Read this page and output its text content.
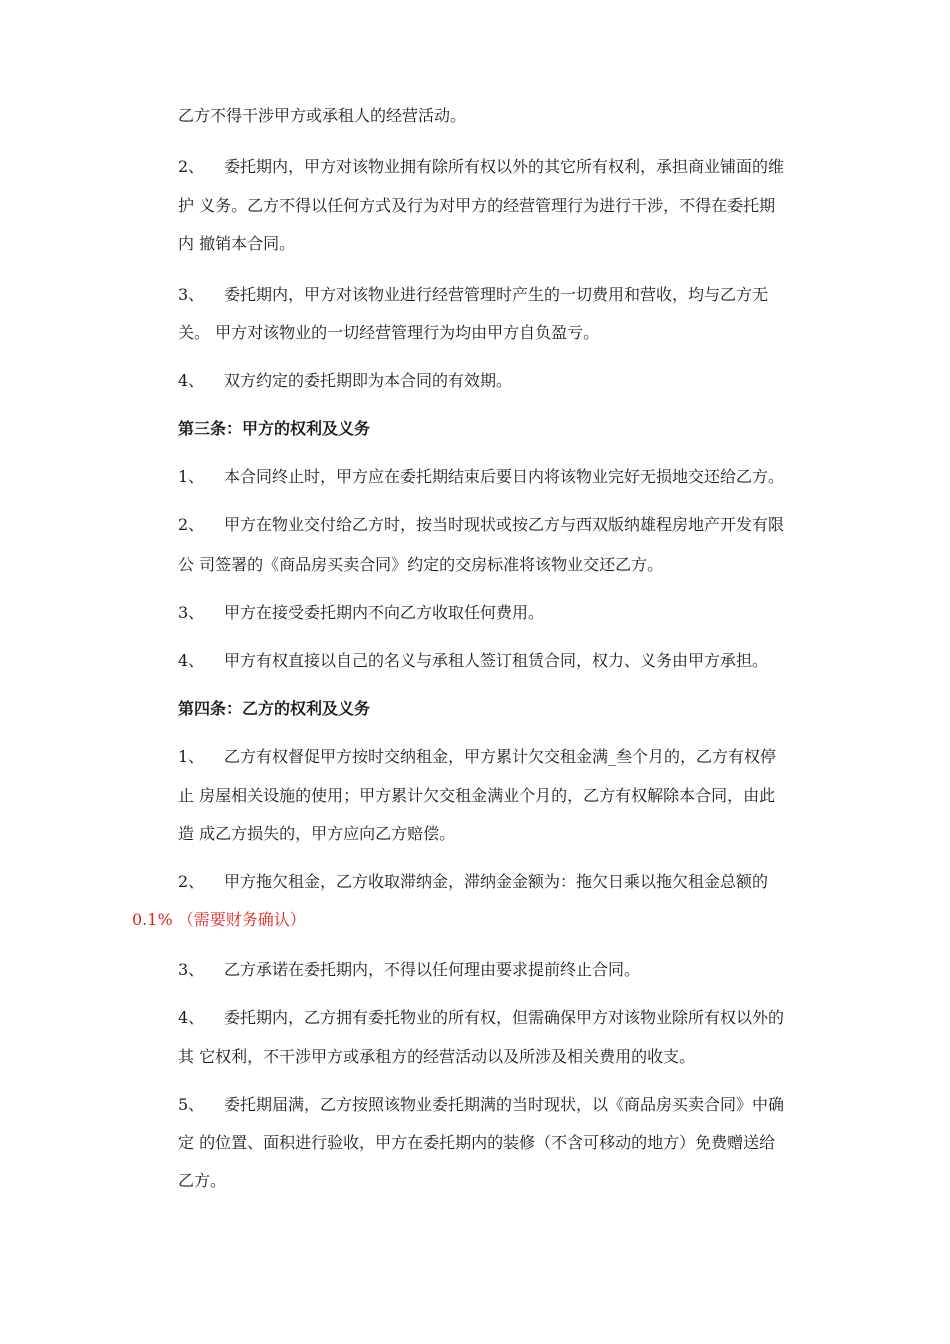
乙方不得干涉甲方或承租人的经营活动。
2、 委托期内，甲方对该物业拥有除所有权以外的其它所有权利，承担商业铺面的维
护 义务。乙方不得以任何方式及行为对甲方的经营管理行为进行干涉，不得在委托期
内 撤销本合同。
3、 委托期内，甲方对该物业进行经营管理时产生的一切费用和营收，均与乙方无
关。 甲方对该物业的一切经营管理行为均由甲方自负盈亏。
4、 双方约定的委托期即为本合同的有效期。
第三条：甲方的权利及义务
1、 本合同终止时，甲方应在委托期结束后要日内将该物业完好无损地交还给乙方。
2、 甲方在物业交付给乙方时，按当时现状或按乙方与西双版纳雄程房地产开发有限
公 司签署的《商品房买卖合同》约定的交房标准将该物业交还乙方。
3、 甲方在接受委托期内不向乙方收取任何费用。
4、 甲方有权直接以自己的名义与承租人签订租赁合同，权力、义务由甲方承担。
第四条：乙方的权利及义务
1、 乙方有权督促甲方按时交纳租金，甲方累计欠交租金满_叁个月的，乙方有权停
止 房屋相关设施的使用；甲方累计欠交租金满业个月的，乙方有权解除本合同，由此
造 成乙方损失的，甲方应向乙方赔偿。
2、 甲方拖欠租金，乙方收取滞纳金，滞纳金金额为：拖欠日乘以拖欠租金总额的
0.1% （需要财务确认）
3、 乙方承诺在委托期内，不得以任何理由要求提前终止合同。
4、 委托期内，乙方拥有委托物业的所有权，但需确保甲方对该物业除所有权以外的
其 它权利，不干涉甲方或承租方的经营活动以及所涉及相关费用的收支。
5、 委托期届满，乙方按照该物业委托期满的当时现状，以《商品房买卖合同》中确
定 的位置、面积进行验收，甲方在委托期内的装修（不含可移动的地方）免费赠送给
乙方。
